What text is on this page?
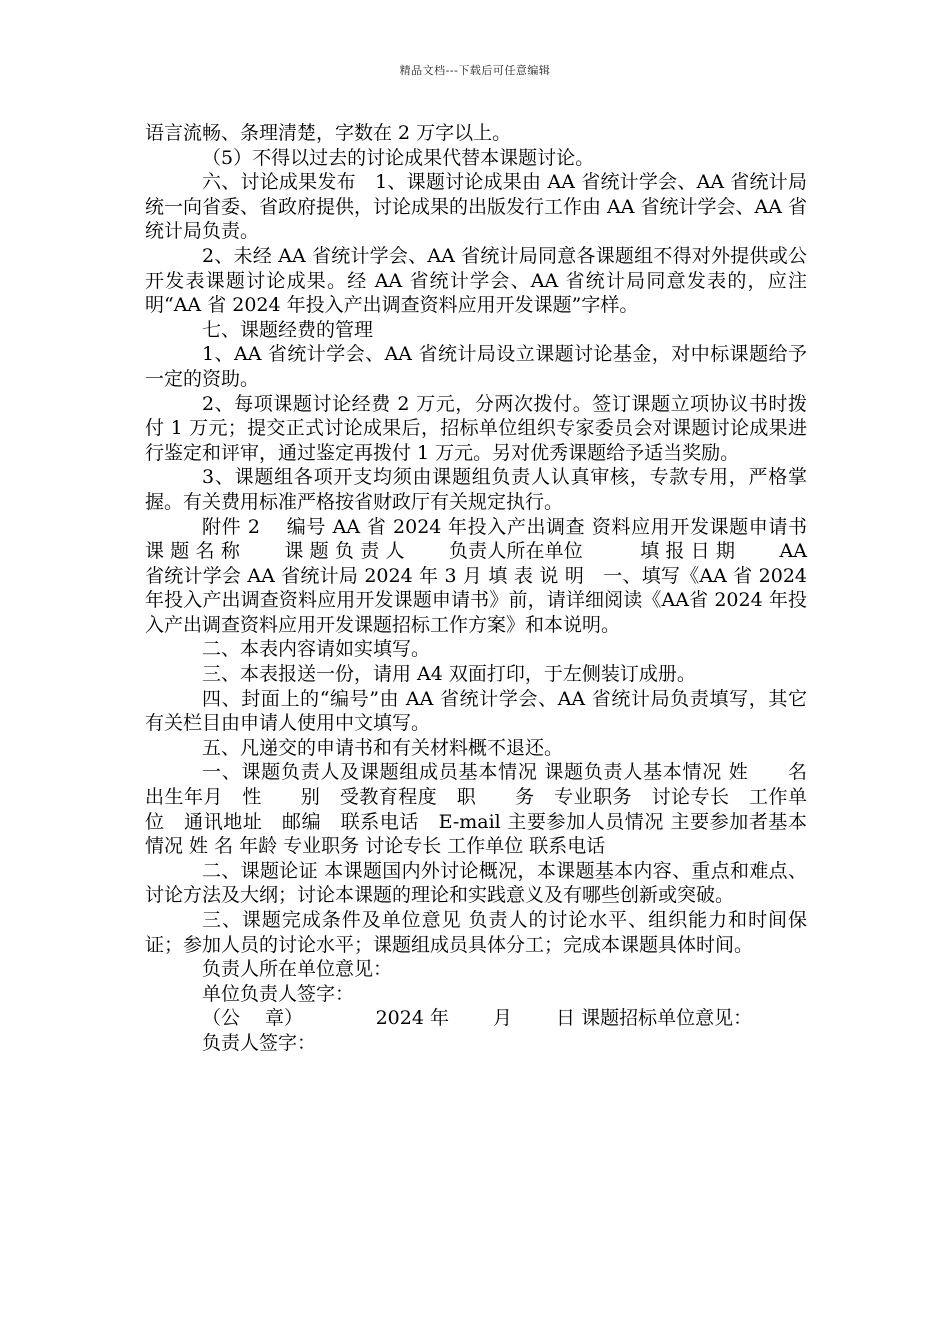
精品文档---下载后可任意编辑

语言流畅、条理清楚，字数在 2 万字以上。

（5）不得以过去的讨论成果代替本课题讨论。

六、讨论成果发布　1、课题讨论成果由 AA 省统计学会、AA 省统计局统一向省委、省政府提供，讨论成果的出版发行工作由 AA 省统计学会、AA 省统计局负责。

2、未经 AA 省统计学会、AA 省统计局同意各课题组不得对外提供或公开发表课题讨论成果。经 AA 省统计学会、AA 省统计局同意发表的，应注明“AA 省 2024 年投入产出调查资料应用开发课题”字样。

七、课题经费的管理

1、AA 省统计学会、AA 省统计局设立课题讨论基金，对中标课题给予一定的资助。

2、每项课题讨论经费 2 万元，分两次拨付。签订课题立项协议书时拨付 1 万元；提交正式讨论成果后，招标单位组织专家委员会对课题讨论成果进行鉴定和评审，通过鉴定再拨付 1 万元。另对优秀课题给予适当奖励。

3、课题组各项开支均须由课题组负责人认真审核，专款专用，严格掌握。有关费用标准严格按省财政厅有关规定执行。

附件 2　 编号 AA 省 2024 年投入产出调查 资料应用开发课题申请书　 课 题 名 称　　 课 题 负 责 人　　 负责人所在单位　　　填 报 日 期　　 AA 省统计学会 AA 省统计局 2024 年 3 月 填 表 说 明　一、填写《AA 省 2024 年投入产出调查资料应用开发课题申请书》前，请详细阅读《AA省 2024 年投入产出调查资料应用开发课题招标工作方案》和本说明。

二、本表内容请如实填写。

三、本表报送一份，请用 A4 双面打印，于左侧装订成册。

四、封面上的“编号”由 AA 省统计学会、AA 省统计局负责填写，其它有关栏目由申请人使用中文填写。

五、凡递交的申请书和有关材料概不退还。

一、课题负责人及课题组成员基本情况 课题负责人基本情况 姓　　名　出生年月　性　　别　受教育程度　职　　务　专业职务　讨论专长　工作单位　通讯地址　邮编　联系电话　E-mail 主要参加人员情况 主要参加者基本情况 姓 名 年龄 专业职务 讨论专长 工作单位 联系电话

二、课题论证 本课题国内外讨论概况，本课题基本内容、重点和难点、讨论方法及大纲；讨论本课题的理论和实践意义及有哪些创新或突破。

三、课题完成条件及单位意见 负责人的讨论水平、组织能力和时间保证；参加人员的讨论水平；课题组成员具体分工；完成本课题具体时间。

负责人所在单位意见：

单位负责人签字：

（公　 章）　　　　 2024 年　　 月　　 日 课题招标单位意见：

负责人签字：
